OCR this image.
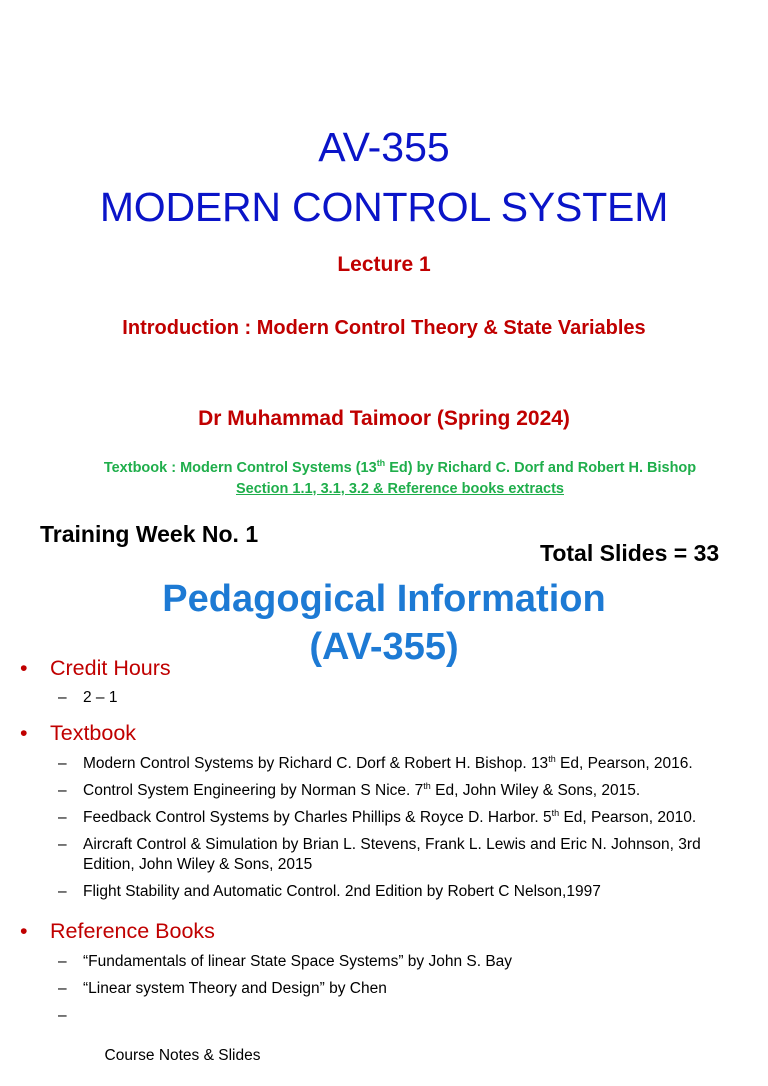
AV-355
MODERN CONTROL SYSTEM
Lecture 1
Introduction : Modern Control Theory & State Variables
Dr Muhammad Taimoor (Spring 2024)
Textbook : Modern Control Systems (13th Ed) by Richard C. Dorf and Robert H. Bishop Section 1.1, 3.1, 3.2 & Reference books extracts
Training Week No. 1
Total Slides = 33
Pedagogical Information
(AV-355)
• Credit Hours
– 2 – 1
• Textbook
– Modern Control Systems by Richard C. Dorf & Robert H. Bishop. 13th Ed, Pearson, 2016.
– Control System Engineering by Norman S Nice. 7th Ed, John Wiley & Sons, 2015.
– Feedback Control Systems by Charles Phillips & Royce D. Harbor. 5th Ed, Pearson, 2010.
– Aircraft Control & Simulation by Brian L. Stevens, Frank L. Lewis and Eric N. Johnson, 3rd Edition, John Wiley & Sons, 2015
– Flight Stability and Automatic Control. 2nd Edition by Robert C Nelson,1997
• Reference Books
– “Fundamentals of linear State Space Systems” by John S. Bay
– “Linear system Theory and Design” by Chen

–

Course Notes & Slides
